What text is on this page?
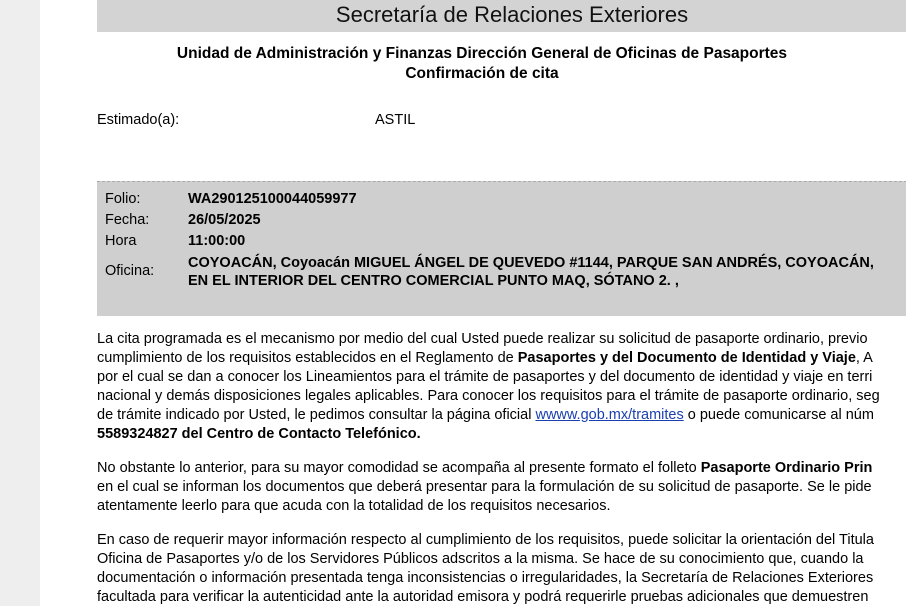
Secretaría de Relaciones Exteriores
Unidad de Administración y Finanzas Dirección General de Oficinas de Pasaportes
Confirmación de cita
Estimado(a):	ASTIL
Folio:	WA290125100044059977
Fecha:	26/05/2025
Hora	11:00:00
Oficina: COYOACÁN, Coyoacán MIGUEL ÁNGEL DE QUEVEDO #1144, PARQUE SAN ANDRÉS, COYOACÁN,
EN EL INTERIOR DEL CENTRO COMERCIAL PUNTO MAQ, SÓTANO 2. ,
La cita programada es el mecanismo por medio del cual Usted puede realizar su solicitud de pasaporte ordinario, previo
cumplimiento de los requisitos establecidos en el Reglamento de Pasaportes y del Documento de Identidad y Viaje, A
por el cual se dan a conocer los Lineamientos para el trámite de pasaportes y del documento de identidad y viaje en terri
nacional y demás disposiciones legales aplicables. Para conocer los requisitos para el trámite de pasaporte ordinario, seg
de trámite indicado por Usted, le pedimos consultar la página oficial wwww.gob.mx/tramites o puede comunicarse al núm
5589324827 del Centro de Contacto Telefónico.
No obstante lo anterior, para su mayor comodidad se acompaña al presente formato el folleto Pasaporte Ordinario Prin
en el cual se informan los documentos que deberá presentar para la formulación de su solicitud de pasaporte. Se le pide
atentamente leerlo para que acuda con la totalidad de los requisitos necesarios.
En caso de requerir mayor información respecto al cumplimiento de los requisitos, puede solicitar la orientación del Titula
Oficina de Pasaportes y/o de los Servidores Públicos adscritos a la misma. Se hace de su conocimiento que, cuando la
documentación o información presentada tenga inconsistencias o irregularidades, la Secretaría de Relaciones Exteriores
facultada para verificar la autenticidad ante la autoridad emisora y podrá requerirle pruebas adicionales que demuestren
